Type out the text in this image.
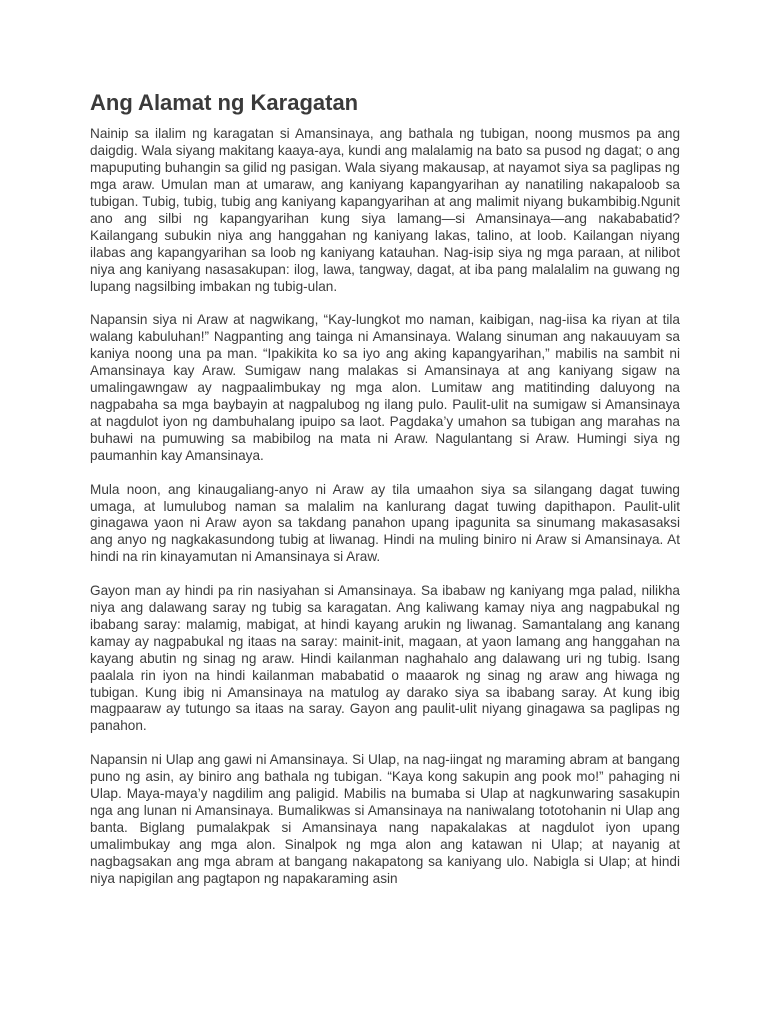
Ang Alamat ng Karagatan

Nainip sa ilalim ng karagatan si Amansinaya, ang bathala ng tubigan, noong musmos pa ang daigdig. Wala siyang makitang kaaya-aya, kundi ang malalamig na bato sa pusod ng dagat; o ang mapuputing buhangin sa gilid ng pasigan. Wala siyang makausap, at nayamot siya sa paglipas ng mga araw. Umulan man at umaraw, ang kaniyang kapangyarihan ay nanatiling nakapaloob sa tubigan. Tubig, tubig, tubig ang kaniyang kapangyarihan at ang malimit niyang bukambibig.Ngunit ano ang silbi ng kapangyarihan kung siya lamang—si Amansinaya—ang nakababatid? Kailangang subukin niya ang hanggahan ng kaniyang lakas, talino, at loob. Kailangan niyang ilabas ang kapangyarihan sa loob ng kaniyang katauhan. Nag-isip siya ng mga paraan, at nilibot niya ang kaniyang nasasakupan: ilog, lawa, tangway, dagat, at iba pang malalalim na guwang ng lupang nagsilbing imbakan ng tubig-ulan.

Napansin siya ni Araw at nagwikang, “Kay-lungkot mo naman, kaibigan, nag-iisa ka riyan at tila walang kabuluhan!” Nagpanting ang tainga ni Amansinaya. Walang sinuman ang nakauuyam sa kaniya noong una pa man. “Ipakikita ko sa iyo ang aking kapangyarihan,” mabilis na sambit ni Amansinaya kay Araw. Sumigaw nang malakas si Amansinaya at ang kaniyang sigaw na umalingawngaw ay nagpaalimbukay ng mga alon. Lumitaw ang matitinding daluyong na nagpabaha sa mga baybayin at nagpalubog ng ilang pulo. Paulit-ulit na sumigaw si Amansinaya at nagdulot iyon ng dambuhalang ipuipo sa laot. Pagdaka’y umahon sa tubigan ang marahas na buhawi na pumuwing sa mabibilog na mata ni Araw. Nagulantang si Araw. Humingi siya ng paumanhin kay Amansinaya.

Mula noon, ang kinaugaliang-anyo ni Araw ay tila umaahon siya sa silangang dagat tuwing umaga, at lumulubog naman sa malalim na kanlurang dagat tuwing dapithapon. Paulit-ulit ginagawa yaon ni Araw ayon sa takdang panahon upang ipagunita sa sinumang makasasaksi ang anyo ng nagkakasundong tubig at liwanag. Hindi na muling biniro ni Araw si Amansinaya. At hindi na rin kinayamutan ni Amansinaya si Araw.

Gayon man ay hindi pa rin nasiyahan si Amansinaya. Sa ibabaw ng kaniyang mga palad, nilikha niya ang dalawang saray ng tubig sa karagatan. Ang kaliwang kamay niya ang nagpabukal ng ibabang saray: malamig, mabigat, at hindi kayang arukin ng liwanag. Samantalang ang kanang kamay ay nagpabukal ng itaas na saray: mainit-init, magaan, at yaon lamang ang hanggahan na kayang abutin ng sinag ng araw. Hindi kailanman naghahalo ang dalawang uri ng tubig. Isang paalala rin iyon na hindi kailanman mababatid o maaarok ng sinag ng araw ang hiwaga ng tubigan. Kung ibig ni Amansinaya na matulog ay darako siya sa ibabang saray. At kung ibig magpaaraw ay tutungo sa itaas na saray. Gayon ang paulit-ulit niyang ginagawa sa paglipas ng panahon.

Napansin ni Ulap ang gawi ni Amansinaya. Si Ulap, na nag-iingat ng maraming abram at bangang puno ng asin, ay biniro ang bathala ng tubigan. “Kaya kong sakupin ang pook mo!” pahaging ni Ulap. Maya-maya’y nagdilim ang paligid. Mabilis na bumaba si Ulap at nagkunwaring sasakupin nga ang lunan ni Amansinaya. Bumalikwas si Amansinaya na naniwalang tototohanin ni Ulap ang banta. Biglang pumalakpak si Amansinaya nang napakalakas at nagdulot iyon upang umalimbukay ang mga alon. Sinalpok ng mga alon ang katawan ni Ulap; at nayanig at nagbagsakan ang mga abram at bangang nakapatong sa kaniyang ulo. Nabigla si Ulap; at hindi niya napigilan ang pagtapon ng napakaraming asin
